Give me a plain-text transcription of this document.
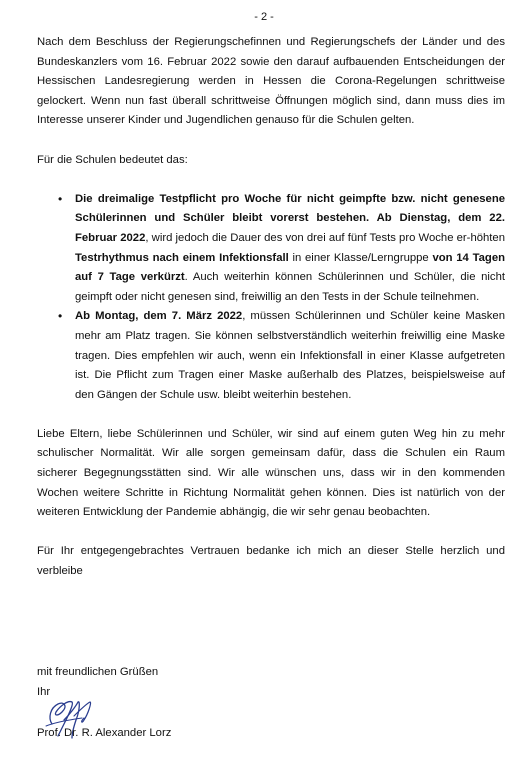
- 2 -

Nach dem Beschluss der Regierungschefinnen und Regierungschefs der Länder und des Bundeskanzlers vom 16. Februar 2022 sowie den darauf aufbauenden Entscheidungen der Hessischen Landesregierung werden in Hessen die Corona-Regelungen schrittweise gelockert. Wenn nun fast überall schrittweise Öffnungen möglich sind, dann muss dies im Interesse unserer Kinder und Jugendlichen genauso für die Schulen gelten.

Für die Schulen bedeutet das:

• Die dreimalige Testpflicht pro Woche für nicht geimpfte bzw. nicht genesene Schülerinnen und Schüler bleibt vorerst bestehen. Ab Dienstag, dem 22. Februar 2022, wird jedoch die Dauer des von drei auf fünf Tests pro Woche er-höhten Testrhythmus nach einem Infektionsfall in einer Klasse/Lerngruppe von 14 Tagen auf 7 Tage verkürzt. Auch weiterhin können Schülerinnen und Schüler, die nicht geimpft oder nicht genesen sind, freiwillig an den Tests in der Schule teilnehmen.
• Ab Montag, dem 7. März 2022, müssen Schülerinnen und Schüler keine Masken mehr am Platz tragen. Sie können selbstverständlich weiterhin freiwillig eine Maske tragen. Dies empfehlen wir auch, wenn ein Infektionsfall in einer Klasse aufgetreten ist. Die Pflicht zum Tragen einer Maske außerhalb des Platzes, beispielsweise auf den Gängen der Schule usw. bleibt weiterhin bestehen.

Liebe Eltern, liebe Schülerinnen und Schüler, wir sind auf einem guten Weg hin zu mehr schulischer Normalität. Wir alle sorgen gemeinsam dafür, dass die Schulen ein Raum sicherer Begegnungsstätten sind. Wir alle wünschen uns, dass wir in den kommenden Wochen weitere Schritte in Richtung Normalität gehen können. Dies ist natürlich von der weiteren Entwicklung der Pandemie abhängig, die wir sehr genau beobachten.

Für Ihr entgegengebrachtes Vertrauen bedanke ich mich an dieser Stelle herzlich und verbleibe

mit freundlichen Grüßen
Ihr
Prof. Dr. R. Alexander Lorz
